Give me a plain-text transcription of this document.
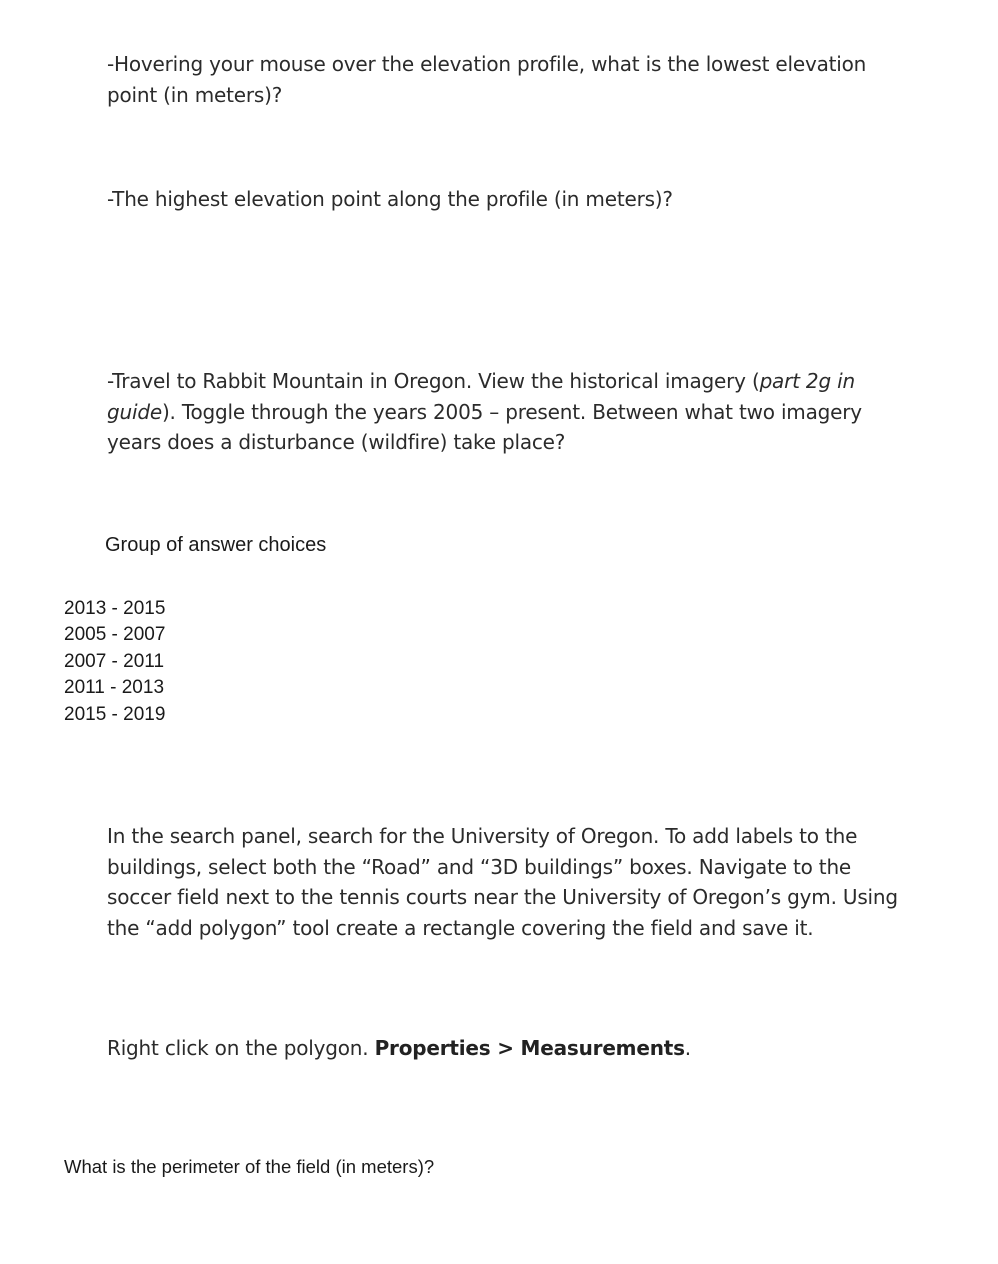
-Hovering your mouse over the elevation profile, what is the lowest elevation point (in meters)?

-The highest elevation point along the profile (in meters)?

-Travel to Rabbit Mountain in Oregon. View the historical imagery (part 2g in guide). Toggle through the years 2005 – present. Between what two imagery years does a disturbance (wildfire) take place?

Group of answer choices
2013 - 2015
2005 - 2007
2007 - 2011
2011 - 2013
2015 - 2019

In the search panel, search for the University of Oregon. To add labels to the buildings, select both the “Road” and “3D buildings” boxes. Navigate to the soccer field next to the tennis courts near the University of Oregon’s gym. Using the “add polygon” tool create a rectangle covering the field and save it.

Right click on the polygon. Properties > Measurements.

What is the perimeter of the field (in meters)?
